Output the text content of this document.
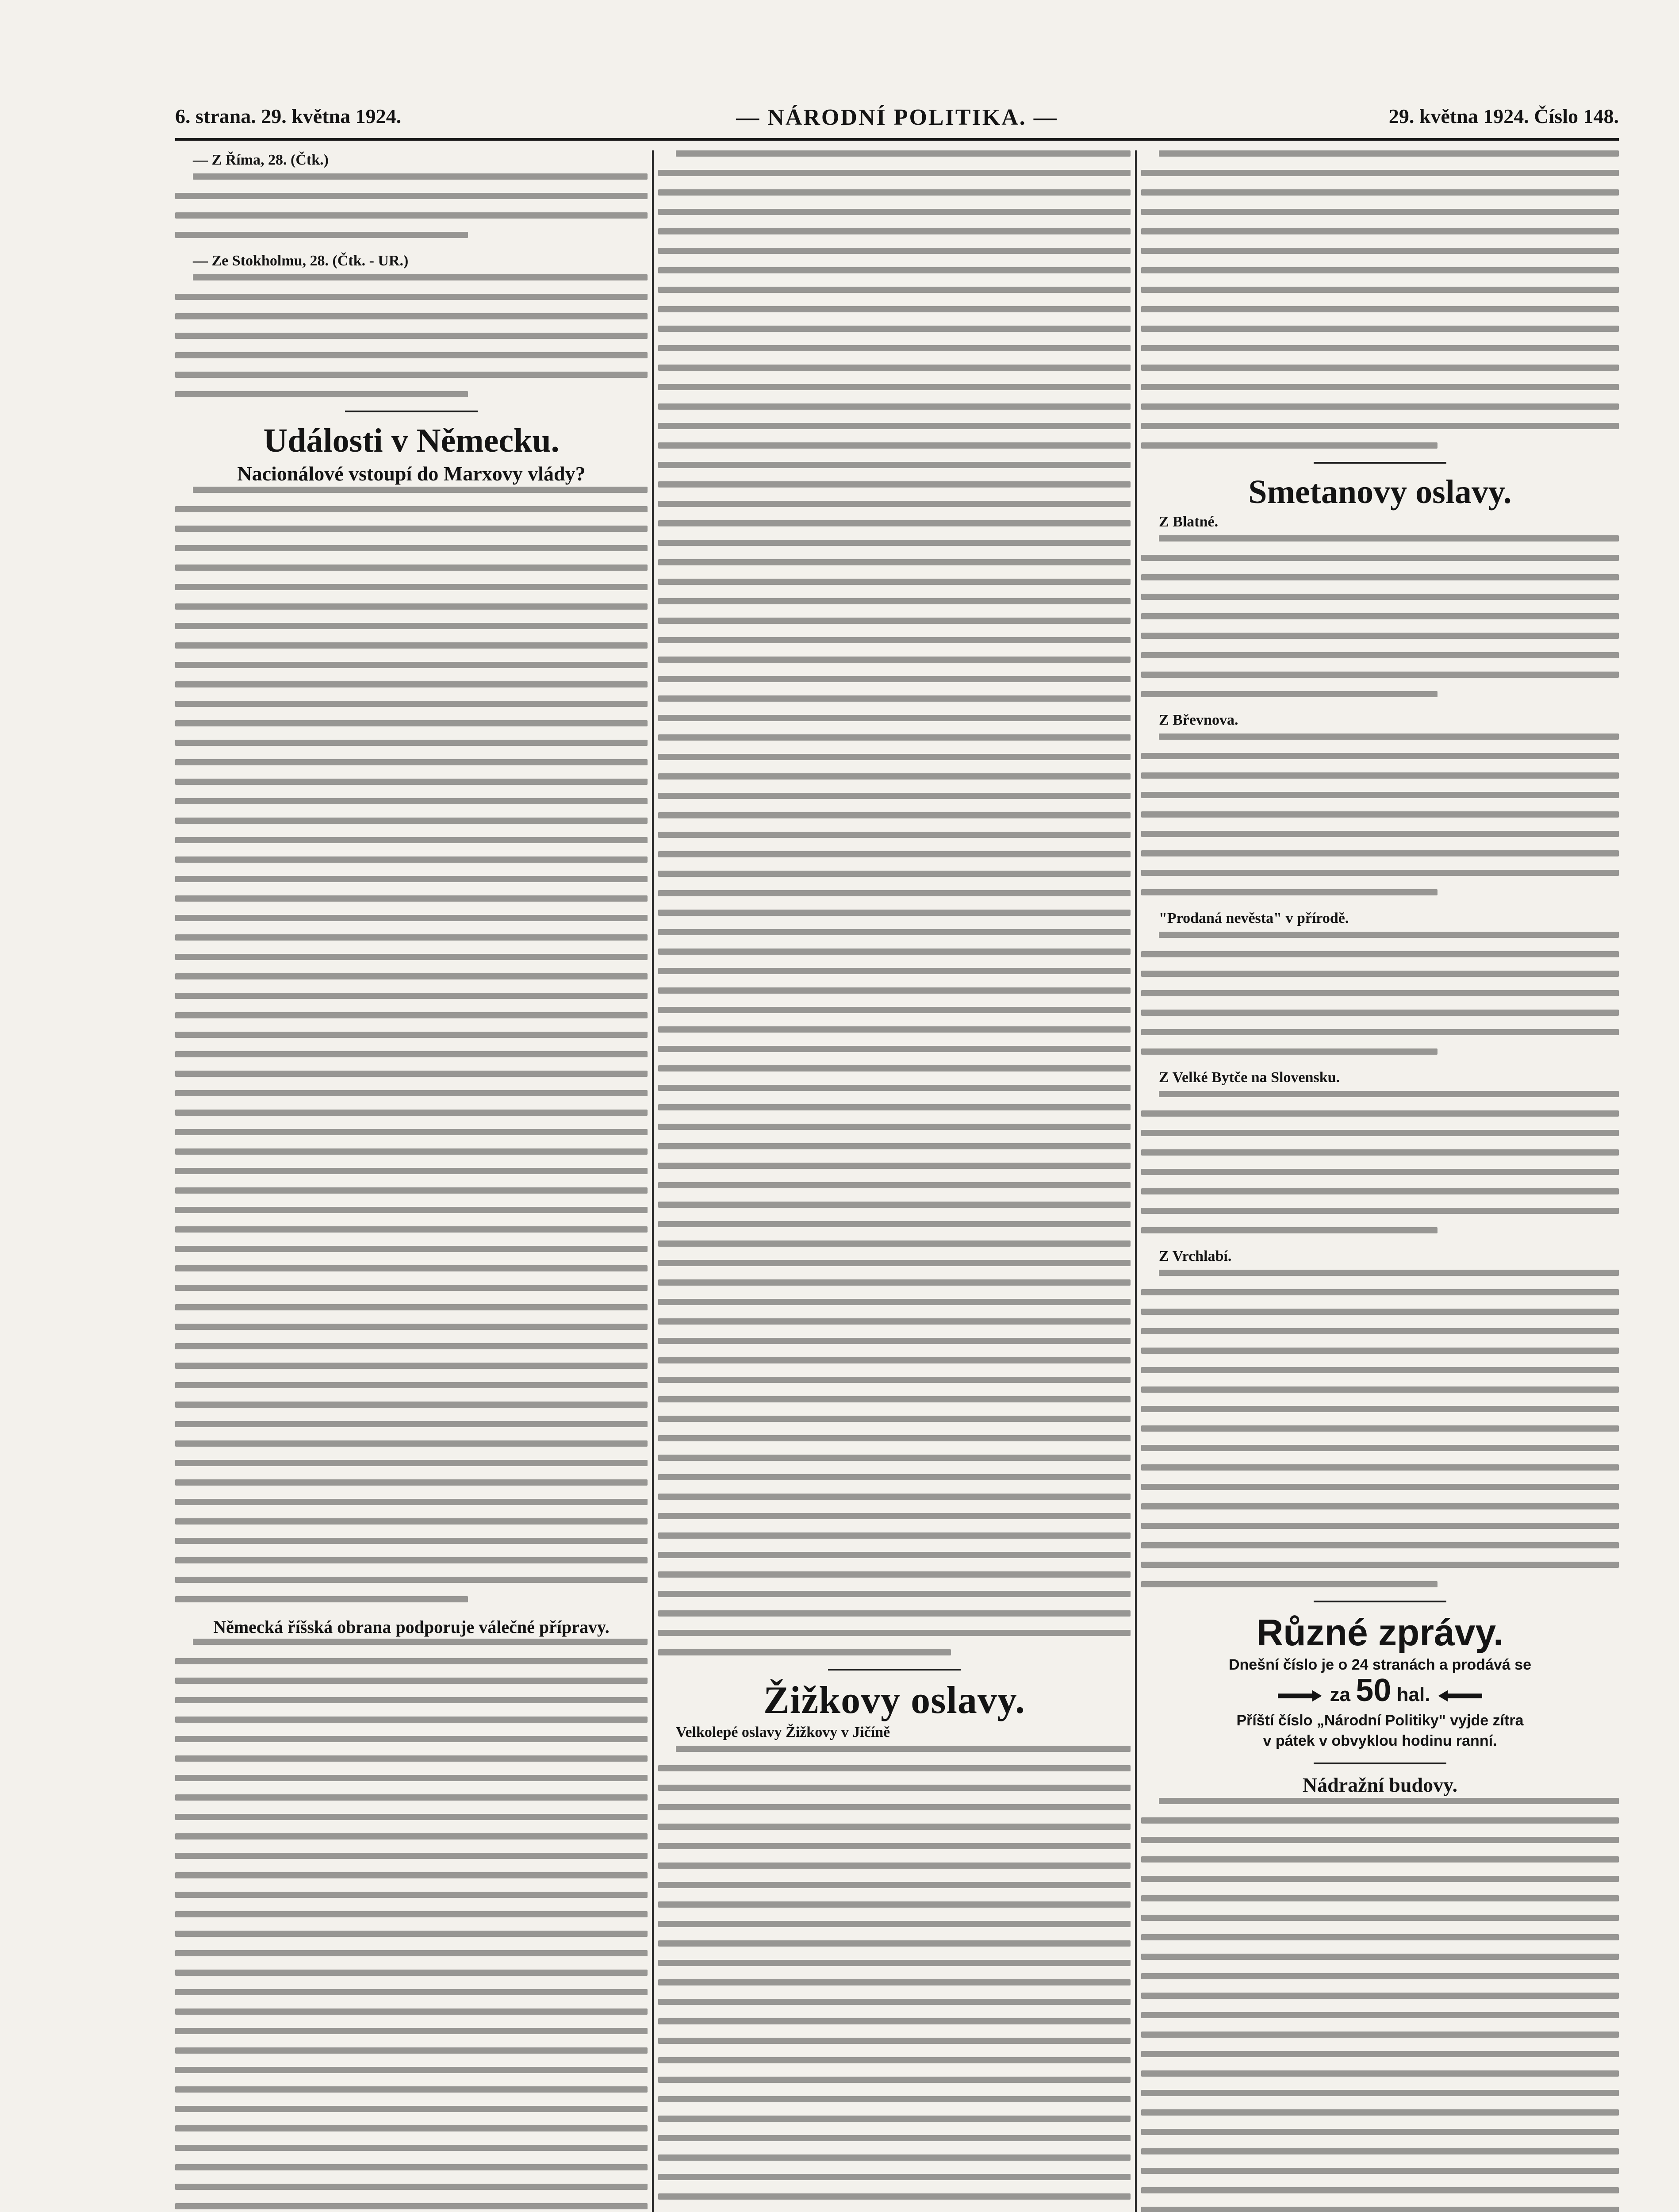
6. strana. 29. května 1924.	— NÁRODNÍ POLITIKA. —	29. května 1924. Číslo 148.
— Z Říma, 28. (Čtk.)
— Ze Stokholmu, 28. (Čtk. - UR.)
Události v Německu.
Nacionálové vstoupí do Marxovy vlády?
Německá říšská obrana podporuje válečné přípravy.
Žižkovy oslavy.
Velkolepé oslavy Žižkovy v Jičíně
Smetanovy oslavy.
Z Blatné.
Z Břevnova.
"Prodaná nevěsta" v přírodě.
Z Velké Bytče na Slovensku.
Z Vrchlabí.
Různé zprávy.
Dnešní číslo je o 24 stranách a prodává se
za 50 hal.
Příští číslo „Národní Politiky" vyjde zítra
v pátek v obvyklou hodinu ranní.
Nádražní budovy.
